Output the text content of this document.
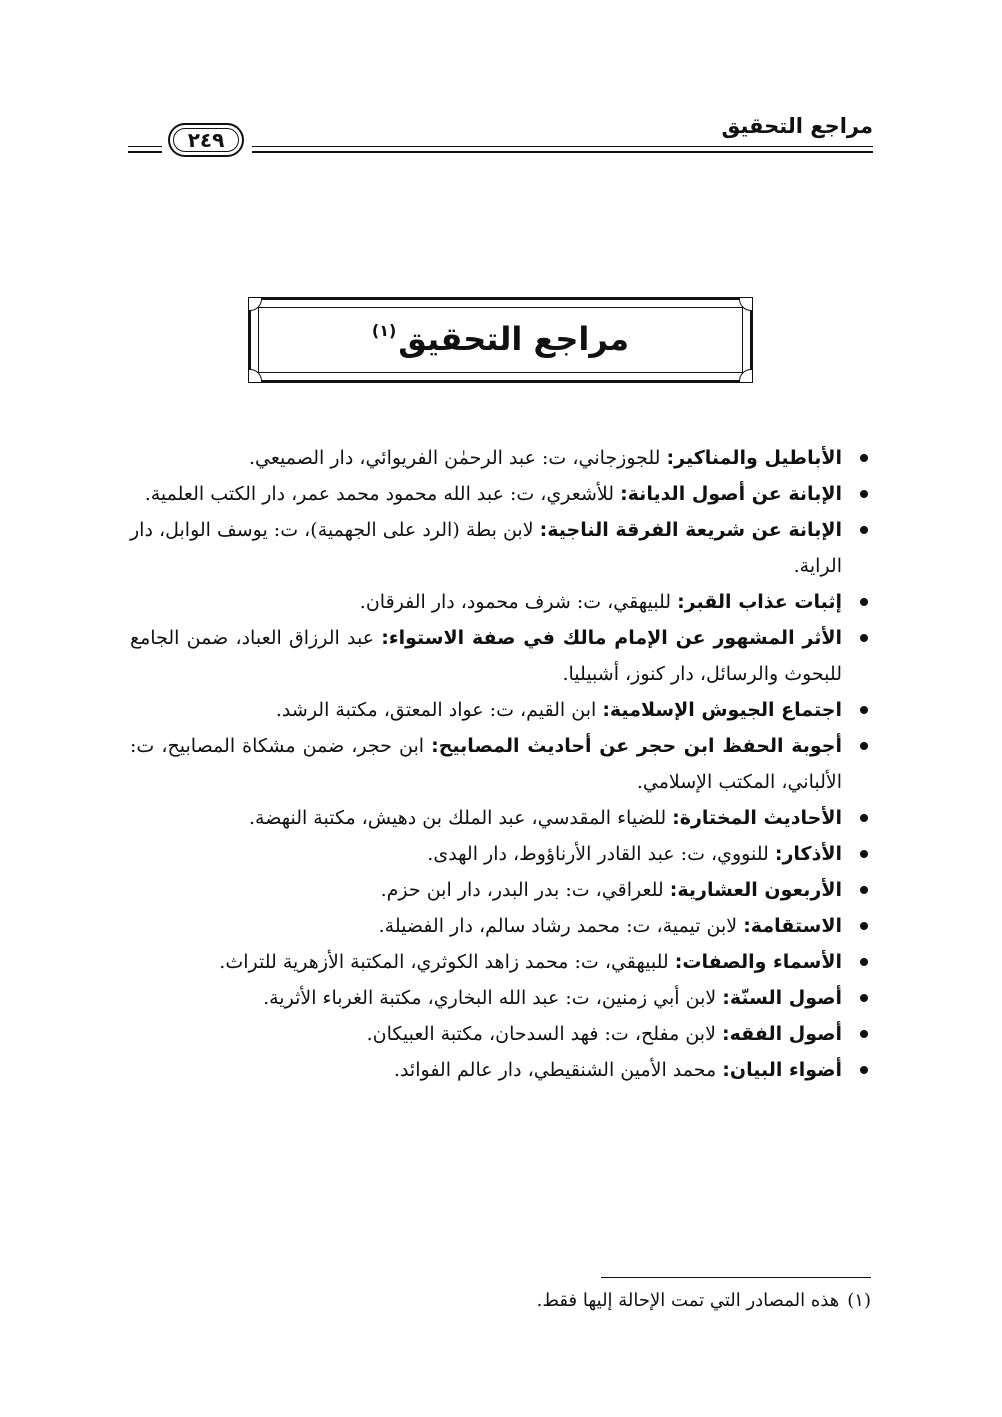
٢٤٩
مراجع التحقيق
مراجع التحقيق$^{(١)}$
الأباطيل والمناكير: للجوزجاني، ت: عبد الرحمٰن الفريوائي، دار الصميعي.
الإبانة عن أصول الديانة: للأشعري، ت: عبد الله محمود محمد عمر، دار الكتب العلمية.
الإبانة عن شريعة الفرقة الناجية: لابن بطة (الرد على الجهمية)، ت: يوسف الوابل، دار الراية.
إثبات عذاب القبر: للبيهقي، ت: شرف محمود، دار الفرقان.
الأثر المشهور عن الإمام مالك في صفة الاستواء: عبد الرزاق العباد، ضمن الجامع للبحوث والرسائل، دار كنوز، أشبيليا.
اجتماع الجيوش الإسلامية: ابن القيم، ت: عواد المعتق، مكتبة الرشد.
أجوبة الحفظ ابن حجر عن أحاديث المصابيح: ابن حجر، ضمن مشكاة المصابيح، ت: الألباني، المكتب الإسلامي.
الأحاديث المختارة: للضياء المقدسي، عبد الملك بن دهيش، مكتبة النهضة.
الأذكار: للنووي، ت: عبد القادر الأرناؤوط، دار الهدى.
الأربعون العشارية: للعراقي، ت: بدر البدر، دار ابن حزم.
الاستقامة: لابن تيمية، ت: محمد رشاد سالم، دار الفضيلة.
الأسماء والصفات: للبيهقي، ت: محمد زاهد الكوثري، المكتبة الأزهرية للتراث.
أصول السنّة: لابن أبي زمنين، ت: عبد الله البخاري، مكتبة الغرباء الأثرية.
أصول الفقه: لابن مفلح، ت: فهد السدحان، مكتبة العبيكان.
أضواء البيان: محمد الأمين الشنقيطي، دار عالم الفوائد.
(١)هذه المصادر التي تمت الإحالة إليها فقط.
